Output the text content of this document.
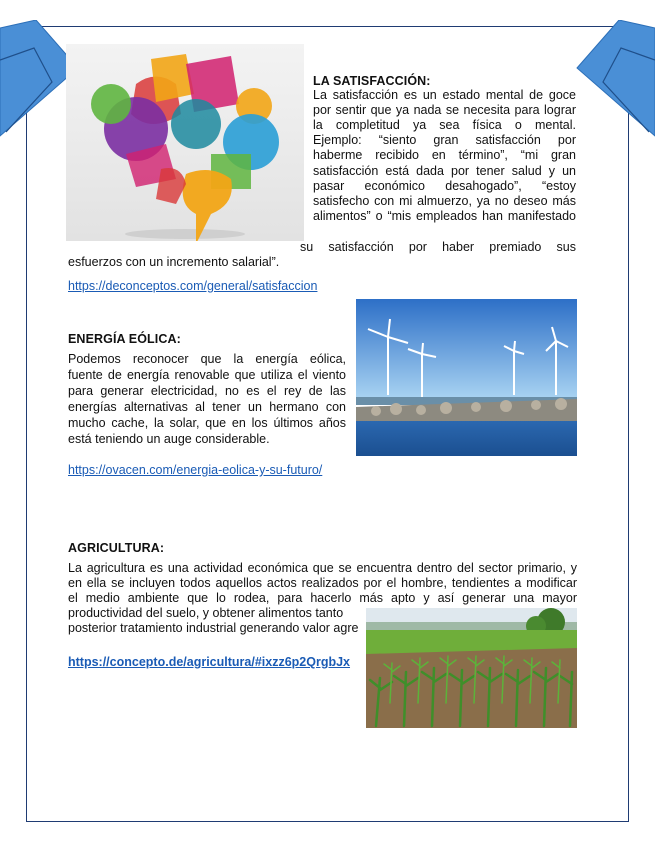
LA SATISFACCIÓN:

La satisfacción es un estado mental de goce

por sentir que ya nada se necesita para lograr

la completitud ya sea física o mental.

Ejemplo: “siento gran satisfacción por

haberme recibido en término”, “mi gran

satisfacción está dada por tener salud y un

pasar económico desahogado”, “estoy

satisfecho con mi almuerzo, ya no deseo más

alimentos” o “mis empleados han manifestado

su satisfacción por haber premiado sus

esfuerzos con un incremento salarial”.

https://deconceptos.com/general/satisfaccion
ENERGÍA EÓLICA:

Podemos reconocer que la energía eólica,

fuente de energía renovable que utiliza el viento

para generar electricidad, no es el rey de las

energías alternativas al tener un hermano con

mucho cache, la solar, que en los últimos años

está teniendo un auge considerable.

https://ovacen.com/energia-eolica-y-su-futuro/
AGRICULTURA:

La agricultura es una actividad económica que se encuentra dentro del sector primario, y

en ella se incluyen todos aquellos actos realizados por el hombre, tendientes a modificar

el medio ambiente que lo rodea, para hacerlo más apto y así generar una mayor

productividad del suelo, y obtener alimentos tanto

posterior tratamiento industrial generando valor agre

https://concepto.de/agricultura/#ixzz6p2QrgbJx
